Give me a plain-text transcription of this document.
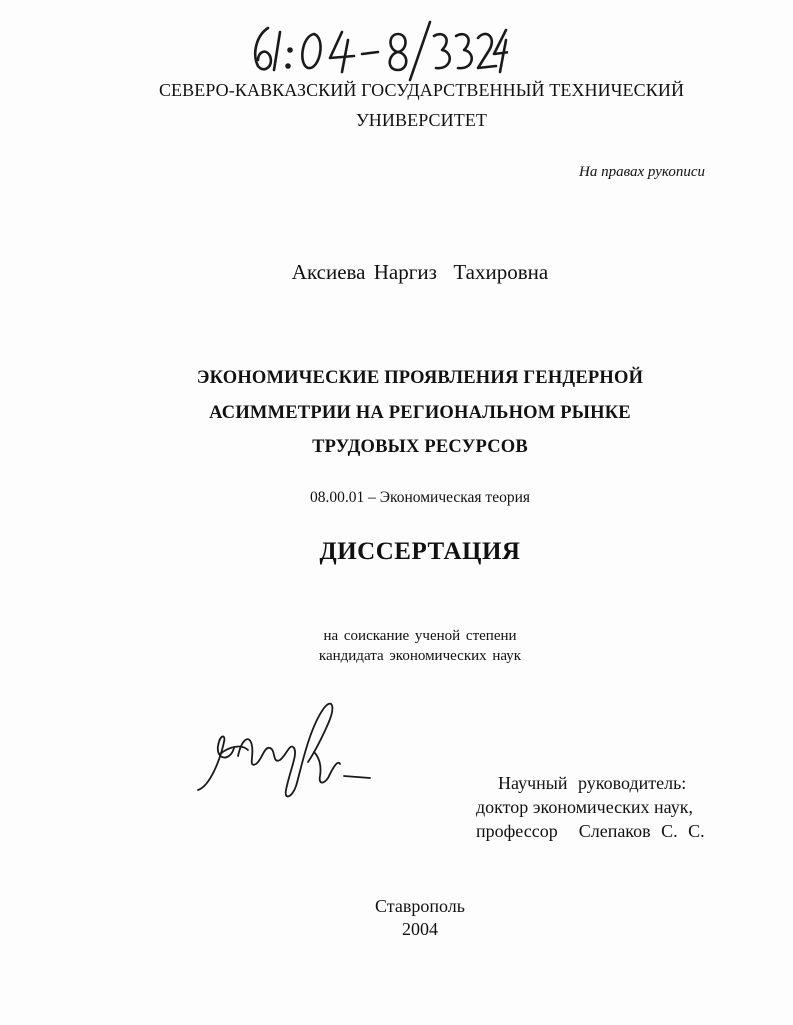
СЕВЕРО-КАВКАЗСКИЙ ГОСУДАРСТВЕННЫЙ ТЕХНИЧЕСКИЙ
УНИВЕРСИТЕТ
На правах рукописи
Аксиева Наргиз  Тахировна
ЭКОНОМИЧЕСКИЕ ПРОЯВЛЕНИЯ ГЕНДЕРНОЙ
АСИММЕТРИИ НА РЕГИОНАЛЬНОМ РЫНКЕ
ТРУДОВЫХ РЕСУРСОВ
08.00.01 – Экономическая теория
ДИССЕРТАЦИЯ
на соискание ученой степени
кандидата экономических наук
Научный руководитель:
доктор экономических наук,
профессор  Слепаков С. С.
Ставрополь
2004
